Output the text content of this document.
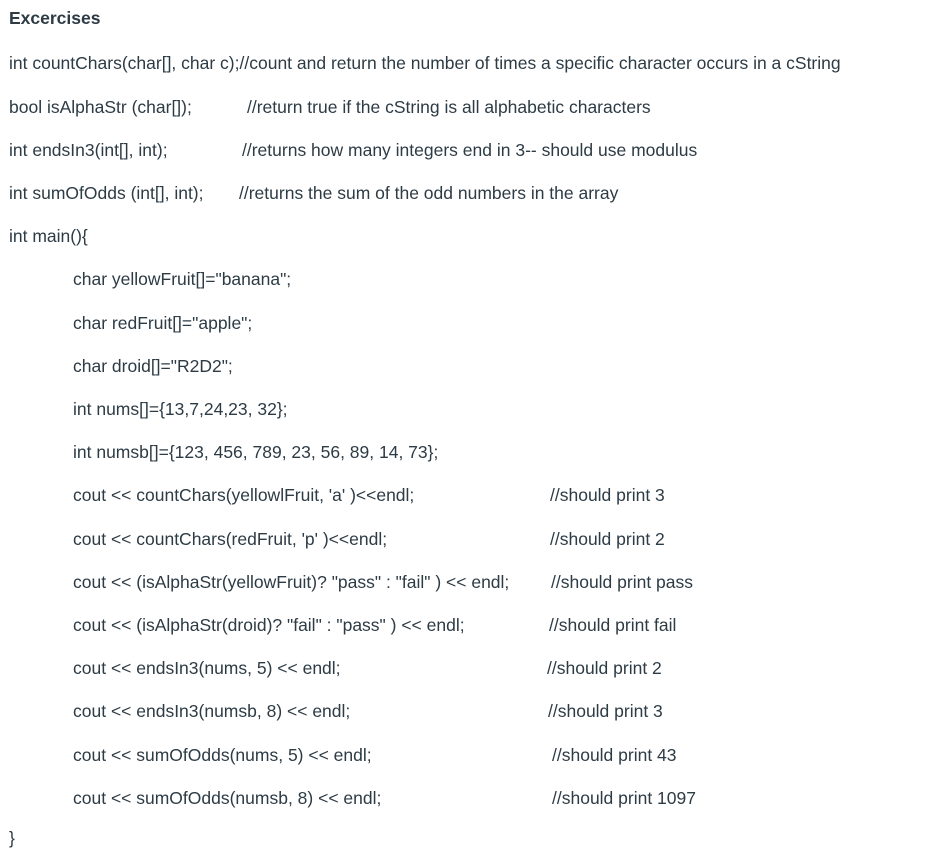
Excercises
int countChars(char[], char c);//count and return the number of times a specific character occurs in a cString
bool isAlphaStr (char[]);	//return true if the cString is all alphabetic characters
int endsIn3(int[], int);	//returns how many integers end in 3-- should use modulus
int sumOfOdds (int[], int); //returns the sum of the odd numbers in the array
int main(){
char yellowFruit[]="banana";
char redFruit[]="apple";
char droid[]="R2D2";
int nums[]={13,7,24,23, 32};
int numsb[]={123, 456, 789, 23, 56, 89, 14, 73};
cout << countChars(yellowlFruit, 'a' )<<endl;	//should print 3
cout << countChars(redFruit, 'p' )<<endl;	//should print 2
cout << (isAlphaStr(yellowFruit)? "pass" : "fail" ) << endl; //should print pass
cout << (isAlphaStr(droid)? "fail" : "pass" ) << endl;	//should print fail
cout << endsIn3(nums, 5) << endl;	//should print 2
cout << endsIn3(numsb, 8) << endl;	//should print 3
cout << sumOfOdds(nums, 5) << endl;	//should print 43
cout << sumOfOdds(numsb, 8) << endl;	//should print 1097
}
